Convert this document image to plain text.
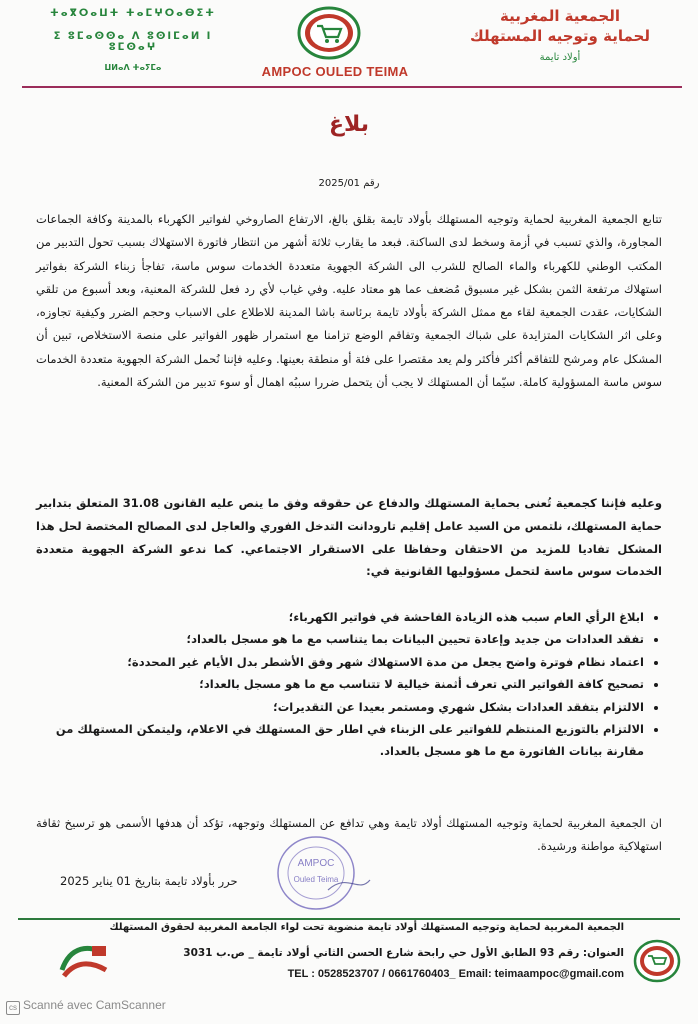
الجمعية المغربية
لحماية وتوجيه المستهلك
أولاد تايمة
ⵜⴰⴳⵔⴰⵡⵜ ⵜⴰⵎⵖⵔⴰⴱⵉⵜ
ⵉ ⵓⵎⴰⵙⵙⴰ ⴷ ⵓⵙⵏⵎⴰⵍ ⵏ ⵓⵎⵙⴰⵖ
ⵡⵍⴰⴷ ⵜⴰⵢⵎⴰ	AMPOC OULED TEIMA
بلاغ
رقم 2025/01
تتابع الجمعية المغربية لحماية وتوجيه المستهلك بأولاد تايمة بقلق بالغ، الارتفاع الصاروخي لفواتير الكهرباء بالمدينة وكافة الجماعات المجاورة، والذي تسبب في أزمة وسخط لدى الساكنة. فبعد ما يقارب ثلاثة أشهر من انتظار فاتورة الاستهلاك بسبب تحول التدبير من المكتب الوطني للكهرباء والماء الصالح للشرب الى الشركة الجهوية متعددة الخدمات سوس ماسة، تفاجأ زبناء الشركة بفواتير استهلاك مرتفعة الثمن بشكل غير مسبوق مُضعف عما هو معتاد عليه. وفي غياب لأي رد فعل للشركة المعنية، وبعد أسبوع من تلقي الشكايات، عقدت الجمعية لقاء مع ممثل الشركة بأولاد تايمة برئاسة باشا المدينة للاطلاع على الاسباب وحجم الضرر وكيفية تجاوزه، وعلى اثر الشكايات المتزايدة على شباك الجمعية وتفاقم الوضع تزامنا مع استمرار ظهور الفواتير على منصة الاستخلاص، تبين أن المشكل عام ومرشح للتفاقم أكثر فأكثر ولم يعد مقتصرا على فئة أو منطقة بعينها. وعليه فإننا نُحمل الشركة الجهوية متعددة الخدمات سوس ماسة المسؤولية كاملة. سيّما أن المستهلك لا يجب أن يتحمل ضررا سببُه اهمال أو سوء تدبير من الشركة المعنية.
وعليه فإننا كجمعية تُعنى بحماية المستهلك والدفاع عن حقوقه وفق ما ينص عليه القانون 31.08 المتعلق بتدابير حماية المستهلك، نلتمس من السيد عامل إقليم تارودانت التدخل الفوري والعاجل لدى المصالح المختصة لحل هذا المشكل تفاديا للمزيد من الاحتقان وحفاظا على الاستقرار الاجتماعي. كما ندعو الشركة الجهوية متعددة الخدمات سوس ماسة لتحمل مسؤوليها القانونية في:
• ابلاغ الرأي العام سبب هذه الزيادة الفاحشة في فواتير الكهرباء؛
• تفقد العدادات من جديد وإعادة تحيين البيانات بما يتناسب مع ما هو مسجل بالعداد؛
• اعتماد نظام فوترة واضح يجعل من مدة الاستهلاك شهر وفق الأشطر بدل الأيام غير المحددة؛
• تصحيح كافة الفواتير التي تعرف أثمنة خيالية لا تتناسب مع ما هو مسجل بالعداد؛
• الالتزام بتفقد العدادات بشكل شهري ومستمر بعيدا عن التقديرات؛
• الالتزام بالتوزيع المنتظم للفواتير على الزبناء في اطار حق المستهلك في الاعلام، وليتمكن المستهلك من مقارنة بيانات الفاتورة مع ما هو مسجل بالعداد.
ان الجمعية المغربية لحماية وتوجيه المستهلك أولاد تايمة وهي تدافع عن المستهلك وتوجهه، تؤكد أن هدفها الأسمى هو ترسيخ ثقافة استهلاكية مواطنة ورشيدة.
AMPOC
Ouled Teima
حرر بأولاد تايمة بتاريخ 01 يناير 2025
الجمعية المغربية لحماية وتوجيه المستهلك أولاد تايمة منضوية تحت لواء الجامعة المغربية لحقوق المستهلك
العنوان: رقم 93 الطابق الأول حي رابحة شارع الحسن الثاني أولاد تايمة _ ص.ب 3031
TEL : 0528523707 / 0661760403_ Email: teimaampoc@gmail.com
cs Scanné avec CamScanner
